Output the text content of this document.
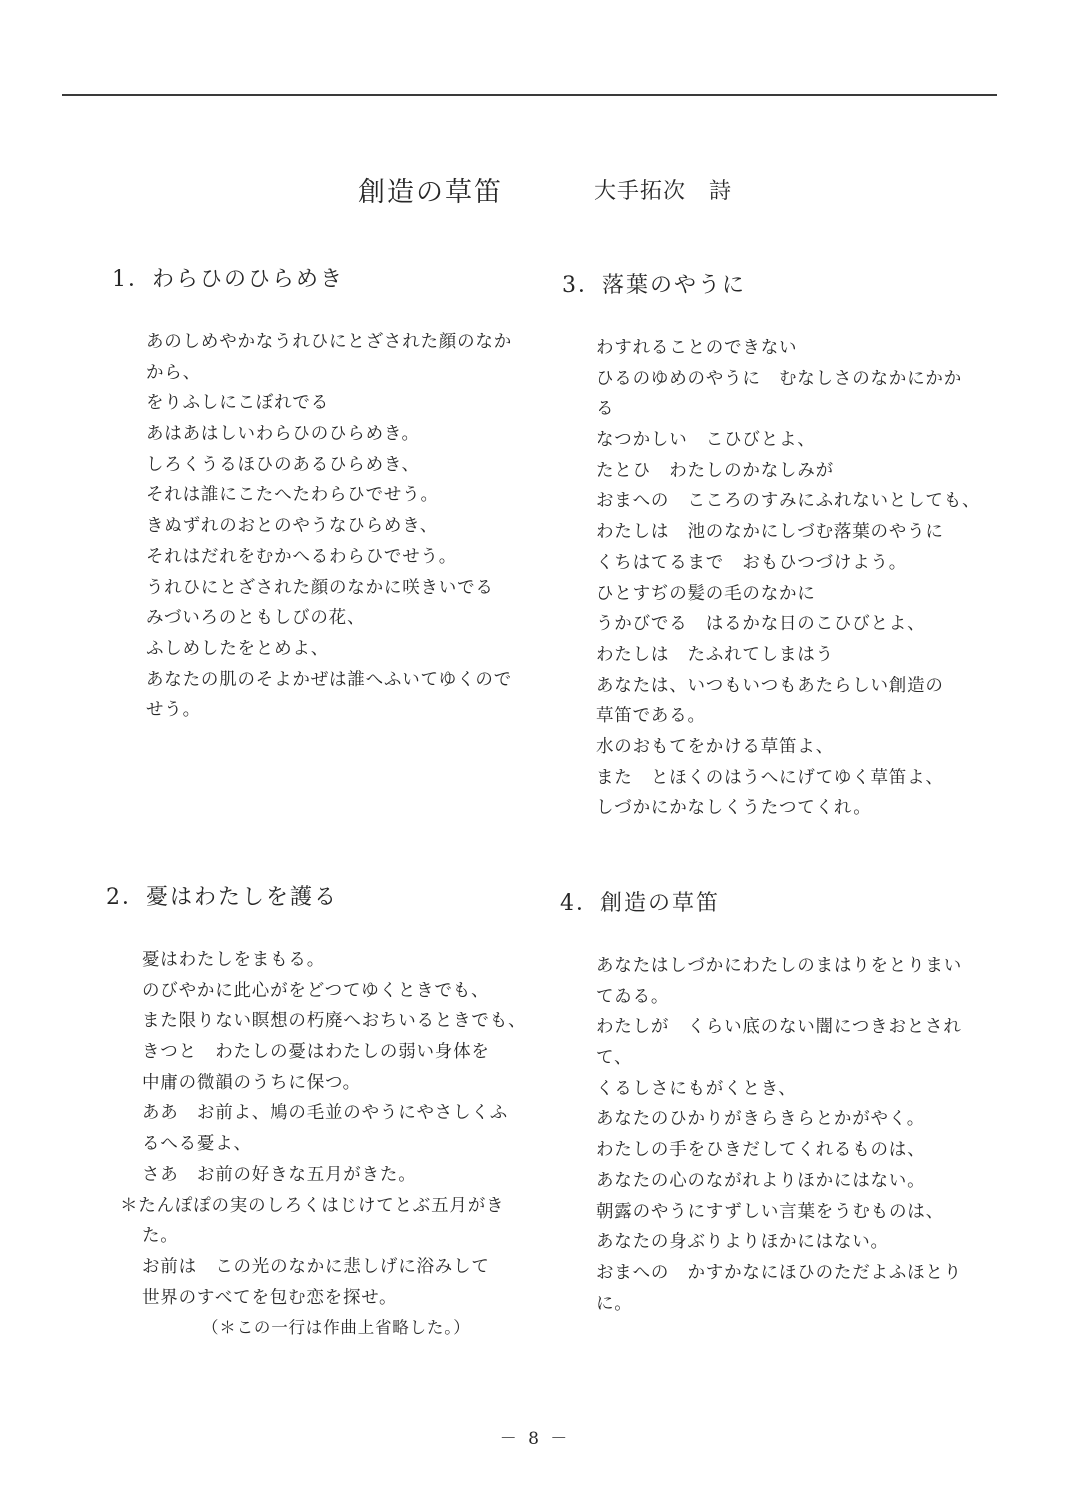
創造の草笛	大手拓次　詩
1．わらひのひらめき
あのしめやかなうれひにとざされた顔のなか
から、
をりふしにこぼれでる
あはあはしいわらひのひらめき。
しろくうるほひのあるひらめき、
それは誰にこたへたわらひでせう。
きぬずれのおとのやうなひらめき、
それはだれをむかへるわらひでせう。
うれひにとざされた顔のなかに咲きいでる
みづいろのともしびの花、
ふしめしたをとめよ、
あなたの肌のそよかぜは誰へふいてゆくので
せう。
3．落葉のやうに
わすれることのできない
ひるのゆめのやうに　むなしさのなかにかか
る
なつかしい　こひびとよ、
たとひ　わたしのかなしみが
おまへの　こころのすみにふれないとしても、
わたしは　池のなかにしづむ落葉のやうに
くちはてるまで　おもひつづけよう。
ひとすぢの髪の毛のなかに
うかびでる　はるかな日のこひびとよ、
わたしは　たふれてしまはう
あなたは、いつもいつもあたらしい創造の
草笛である。
水のおもてをかける草笛よ、
また　とほくのはうへにげてゆく草笛よ、
しづかにかなしくうたつてくれ。
2．憂はわたしを護る
憂はわたしをまもる。
のびやかに此心がをどつてゆくときでも、
また限りない瞑想の朽廃へおちいるときでも、
きつと　わたしの憂はわたしの弱い身体を
中庸の微韻のうちに保つ。
ああ　お前よ、鳩の毛並のやうにやさしくふ
るへる憂よ、
さあ　お前の好きな五月がきた。
＊たんぽぽの実のしろくはじけてとぶ五月がき
た。
お前は　この光のなかに悲しげに浴みして
世界のすべてを包む恋を探せ。
（＊この一行は作曲上省略した。）
4．創造の草笛
あなたはしづかにわたしのまはりをとりまい
てゐる。
わたしが　くらい底のない闇につきおとされ
て、
くるしさにもがくとき、
あなたのひかりがきらきらとかがやく。
わたしの手をひきだしてくれるものは、
あなたの心のながれよりほかにはない。
朝露のやうにすずしい言葉をうむものは、
あなたの身ぶりよりほかにはない。
おまへの　かすかなにほひのただよふほとり
に。
－ 8 －
